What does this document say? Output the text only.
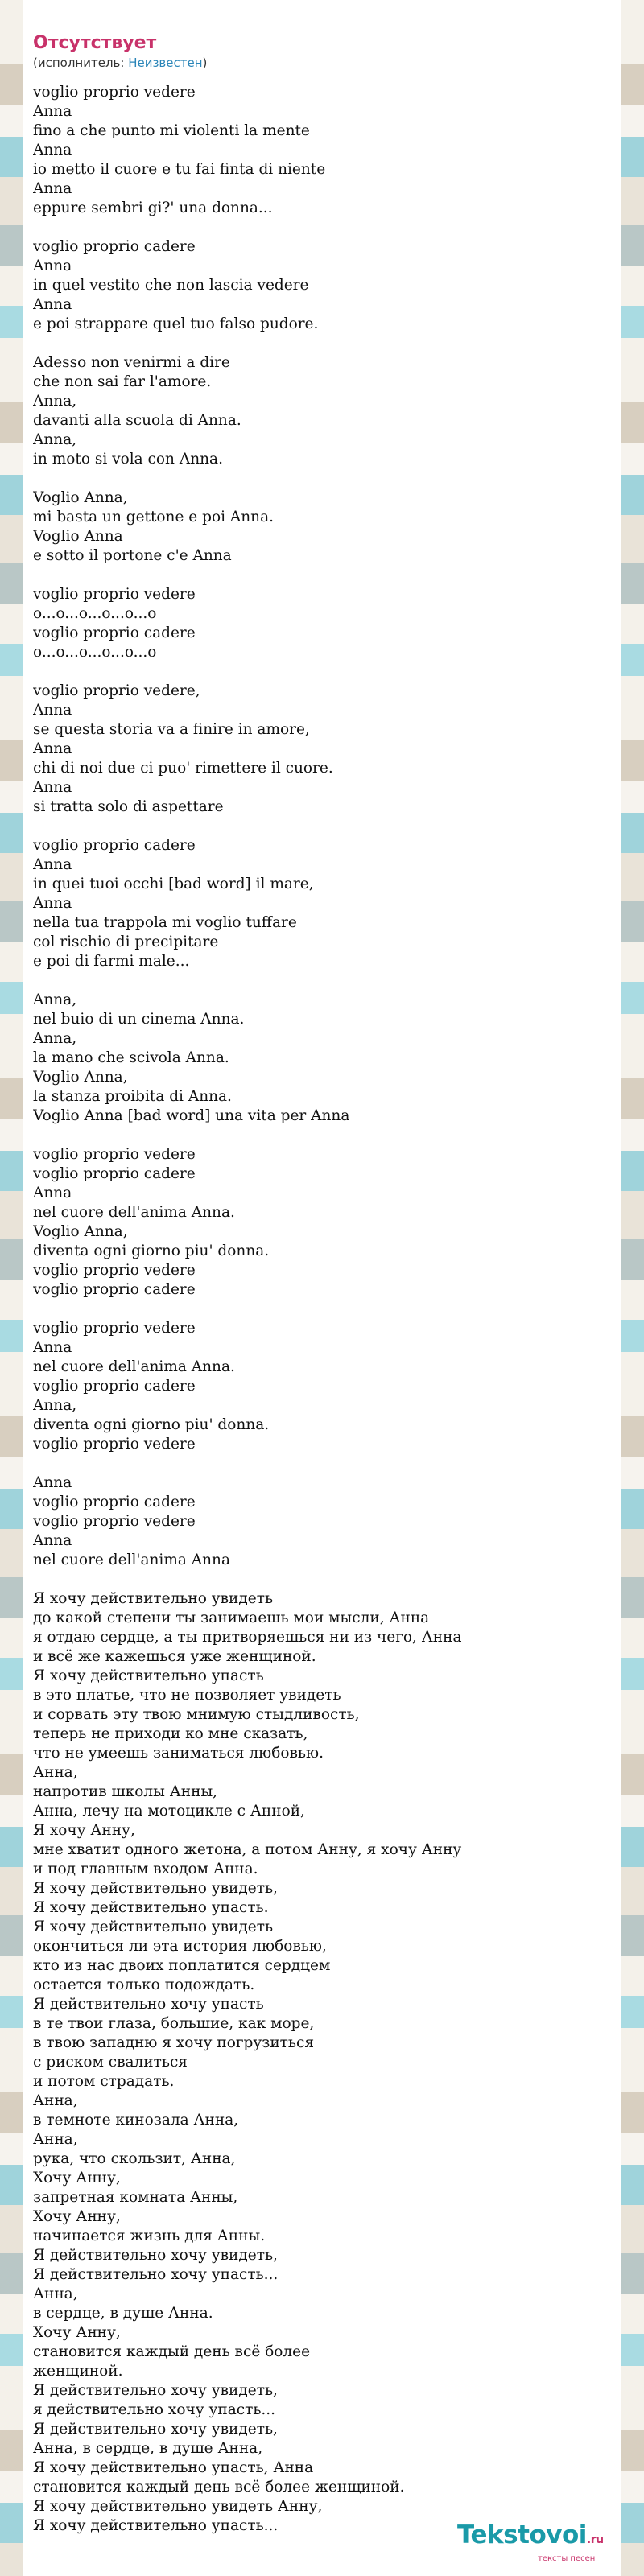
Отсутствует
(исполнитель: Неизвестен)
voglio proprio vedere
Anna
fino a che punto mi violenti la mente
Anna
io metto il cuore e tu fai finta di niente
Anna
eppure sembri gi?' una donna...
voglio proprio cadere
Anna
in quel vestito che non lascia vedere
Anna
e poi strappare quel tuo falso pudore.
Adesso non venirmi a dire
che non sai far l'amore.
Anna,
davanti alla scuola di Anna.
Anna,
in moto si vola con Anna.
Voglio Anna,
mi basta un gettone e poi Anna.
Voglio Anna
e sotto il portone c'e Anna
voglio proprio vedere
o...o...o...o...o...o
voglio proprio cadere
o...o...o...o...o...o
voglio proprio vedere,
Anna
se questa storia va a finire in amore,
Anna
chi di noi due ci puo' rimettere il cuore.
Anna
si tratta solo di aspettare
voglio proprio cadere
Anna
in quei tuoi occhi [bad word] il mare,
Anna
nella tua trappola mi voglio tuffare
col rischio di precipitare
e poi di farmi male...
Anna,
nel buio di un cinema Anna.
Anna,
la mano che scivola Anna.
Voglio Anna,
la stanza proibita di Anna.
Voglio Anna [bad word] una vita per Anna
voglio proprio vedere
voglio proprio cadere
Anna
nel cuore dell'anima Anna.
Voglio Anna,
diventa ogni giorno piu' donna.
voglio proprio vedere
voglio proprio cadere
voglio proprio vedere
Anna
nel cuore dell'anima Anna.
voglio proprio cadere
Anna,
diventa ogni giorno piu' donna.
voglio proprio vedere
Anna
voglio proprio cadere
voglio proprio vedere
Anna
nel cuore dell'anima Anna
Я хочу действительно увидеть
до какой степени ты занимаешь мои мысли, Анна
я отдаю сердце, а ты притворяешься ни из чего, Анна
и всё же кажешься уже женщиной.
Я хочу действительно упасть
в это платье, что не позволяет увидеть
и сорвать эту твою мнимую стыдливость,
теперь не приходи ко мне сказать,
что не умеешь заниматься любовью.
Анна,
напротив школы Анны,
Анна, лечу на мотоцикле с Анной,
Я хочу Анну,
мне хватит одного жетона, а потом Анну, я хочу Анну
и под главным входом Анна.
Я хочу действительно увидеть,
Я хочу действительно упасть.
Я хочу действительно увидеть
окончиться ли эта история любовью,
кто из нас двоих поплатится сердцем
остается только подождать.
Я действительно хочу упасть
в те твои глаза, большие, как море,
в твою западню я хочу погрузиться
с риском свалиться
и потом страдать.
Анна,
в темноте кинозала Анна,
Анна,
рука, что скользит, Анна,
Хочу Анну,
запретная комната Анны,
Хочу Анну,
начинается жизнь для Анны.
Я действительно хочу увидеть,
Я действительно хочу упасть...
Анна,
в сердце, в душе Анна.
Хочу Анну,
становится каждый день всё более
женщиной.
Я действительно хочу увидеть,
я действительно хочу упасть...
Я действительно хочу увидеть,
Анна, в сердце, в душе Анна,
Я хочу действительно упасть, Анна
становится каждый день всё более женщиной.
Я хочу действительно увидеть Анну,
Я хочу действительно упасть...	Tekstovoi.ru
тексты песен
